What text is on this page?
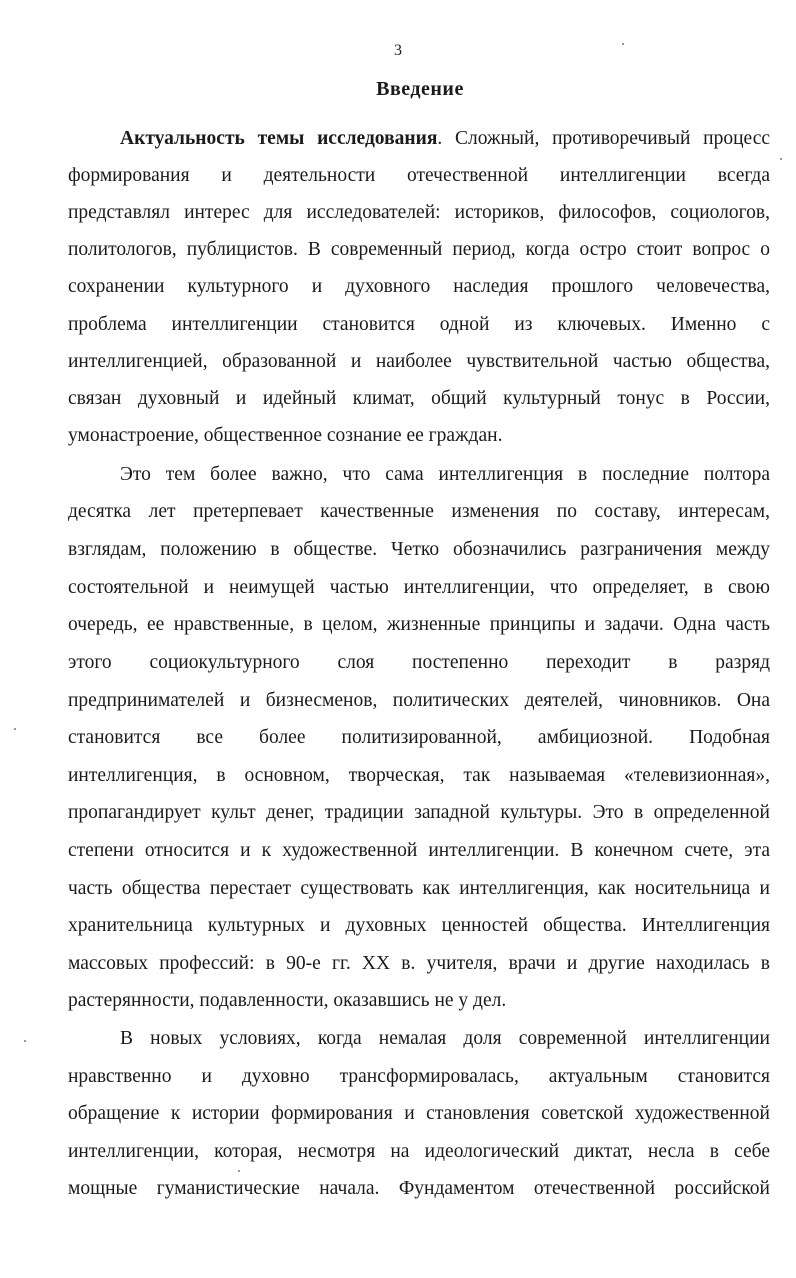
3
Введение
Актуальность темы исследования. Сложный, противоречивый процесс
формирования и деятельности отечественной интеллигенции всегда
представлял интерес для исследователей: историков, философов, социологов,
политологов, публицистов. В современный период, когда остро стоит вопрос о
сохранении культурного и духовного наследия прошлого человечества,
проблема интеллигенции становится одной из ключевых. Именно с
интеллигенцией, образованной и наиболее чувствительной частью общества,
связан духовный и идейный климат, общий культурный тонус в России,
умонастроение, общественное сознание ее граждан.
Это тем более важно, что сама интеллигенция в последние полтора
десятка лет претерпевает качественные изменения по составу, интересам,
взглядам, положению в обществе. Четко обозначились разграничения между
состоятельной и неимущей частью интеллигенции, что определяет, в свою
очередь, ее нравственные, в целом, жизненные принципы и задачи. Одна часть
этого социокультурного слоя постепенно переходит в разряд
предпринимателей и бизнесменов, политических деятелей, чиновников. Она
становится все более политизированной, амбициозной. Подобная
интеллигенция, в основном, творческая, так называемая «телевизионная»,
пропагандирует культ денег, традиции западной культуры. Это в определенной
степени относится и к художественной интеллигенции. В конечном счете, эта
часть общества перестает существовать как интеллигенция, как носительница и
хранительница культурных и духовных ценностей общества. Интеллигенция
массовых профессий: в 90-е гг. XX в. учителя, врачи и другие находилась в
растерянности, подавленности, оказавшись не у дел.
В новых условиях, когда немалая доля современной интеллигенции
нравственно и духовно трансформировалась, актуальным становится
обращение к истории формирования и становления советской художественной
интеллигенции, которая, несмотря на идеологический диктат, несла в себе
мощные гуманистические начала. Фундаментом отечественной российской
